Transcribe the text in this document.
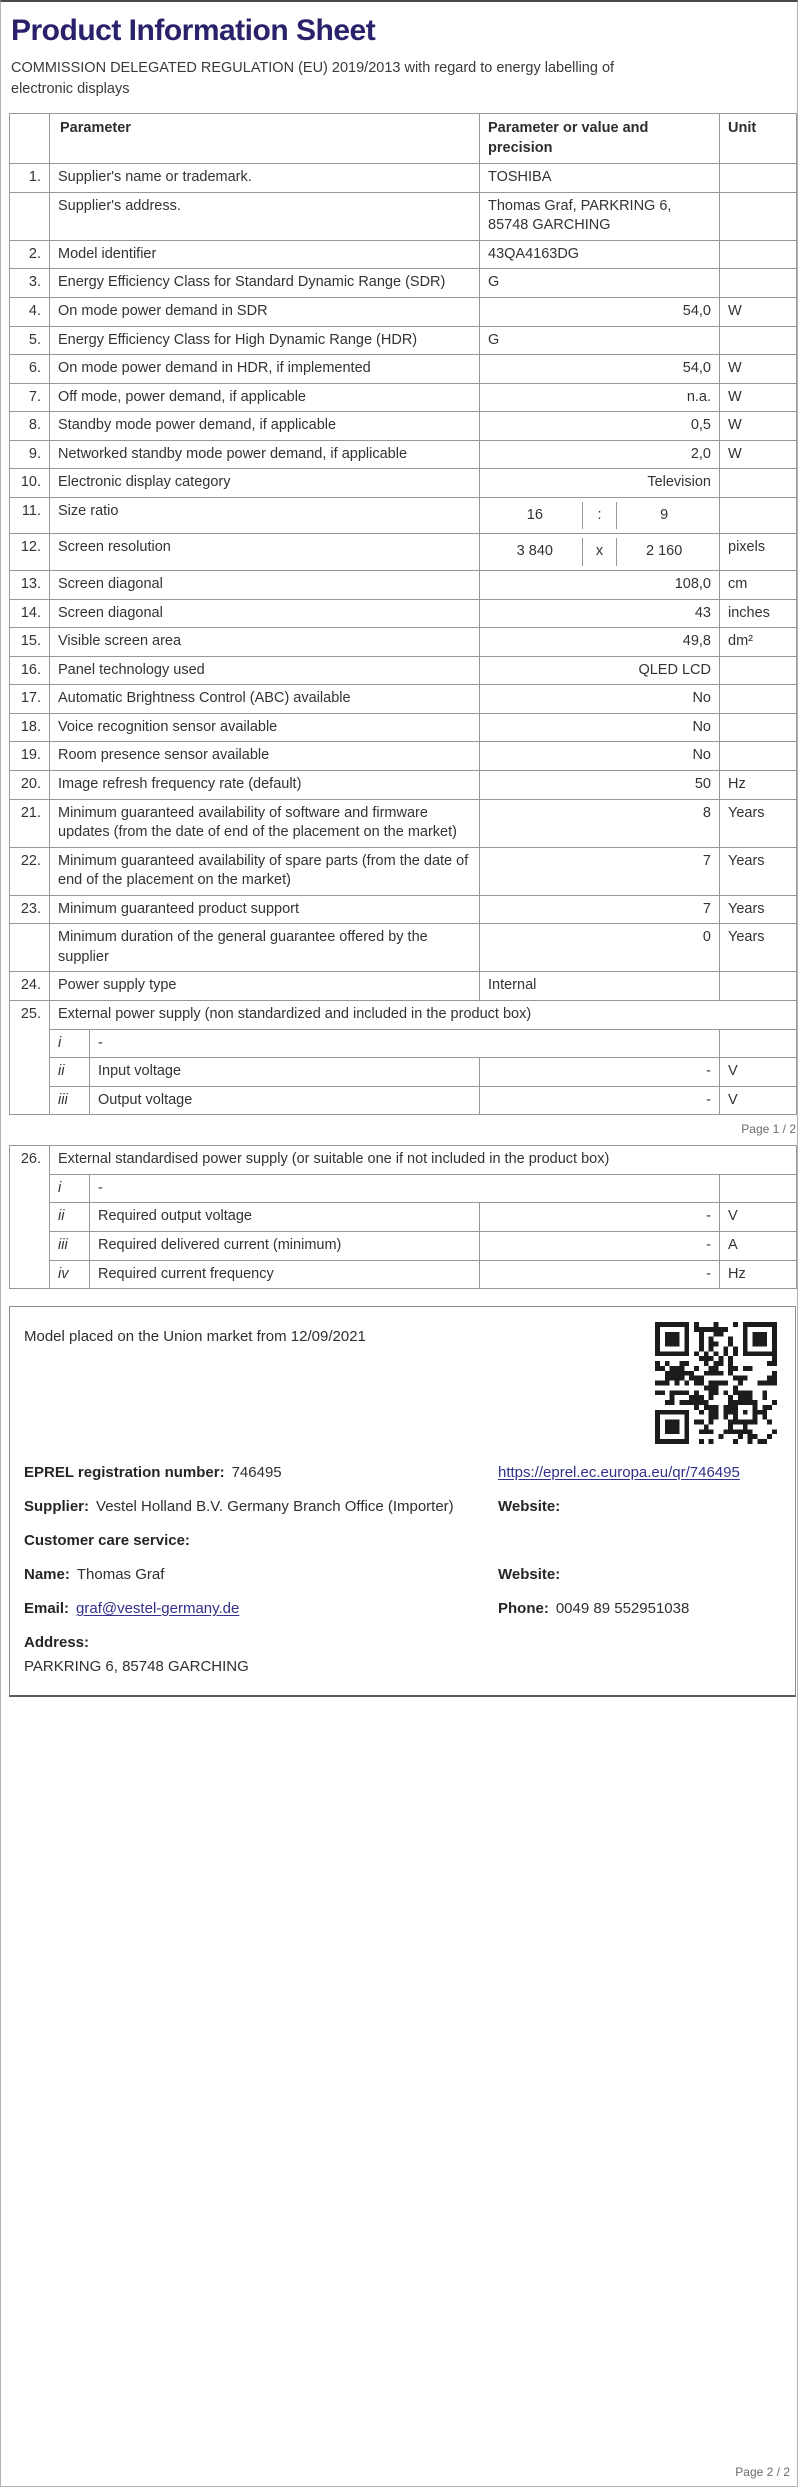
Product Information Sheet

COMMISSION DELEGATED REGULATION (EU) 2019/2013 with regard to energy labelling of electronic displays

	Parameter		Parameter or value and precision	Unit
1.	Supplier's name or trademark.		TOSHIBA	
	Supplier's address.		Thomas Graf, PARKRING 6, 85748 GARCHING	
2.	Model identifier		43QA4163DG	
3.	Energy Efficiency Class for Standard Dynamic Range (SDR)		G	
4.	On mode power demand in SDR		54,0	W
5.	Energy Efficiency Class for High Dynamic Range (HDR)		G	
6.	On mode power demand in HDR, if implemented		54,0	W
7.	Off mode, power demand, if applicable		n.a.	W
8.	Standby mode power demand, if applicable		0,5	W
9.	Networked standby mode power demand, if applicable		2,0	W
10.	Electronic display category		Television	
11.	Size ratio		16 : 9	

12.	Screen resolution		3 840 x 2 160	pixels
13.	Screen diagonal		108,0	cm
14.	Screen diagonal		43	inches
15.	Visible screen area		49,8	dm²
16.	Panel technology used		QLED LCD	
17.	Automatic Brightness Control (ABC) available		No	
18.	Voice recognition sensor available		No	
19.	Room presence sensor available		No	
20.	Image refresh frequency rate (default)		50	Hz
21.	Minimum guaranteed availability of software and firmware updates (from the date of end of the placement on the market)		8	Years
22.	Minimum guaranteed availability of spare parts (from the date of end of the placement on the market)		7	Years
23.	Minimum guaranteed product support		7	Years
	Minimum duration of the general guarantee offered by the supplier		0	Years
24.	Power supply type		Internal	
25.	External power supply (non standardized and included in the product box)			
	i	-		
	ii	Input voltage	-	V
	iii	Output voltage	-	V
Page 1 / 2
26.	External standardised power supply (or suitable one if not included in the product box)			
	i	-		
	ii	Required output voltage	-	V
	iii	Required delivered current (minimum)	-	A
	iv	Required current frequency	-	Hz
Model placed on the Union market from 12/09/2021
EPREL registration number: 746495	https://eprel.ec.europa.eu/qr/746495
Supplier: Vestel Holland B.V. Germany Branch Office (Importer)	Website:
Customer care service:
Name: Thomas Graf	Website:
Email: graf@vestel-germany.de	Phone: 0049 89 552951038
Address:
PARKRING 6, 85748 GARCHING
Page 2 / 2
